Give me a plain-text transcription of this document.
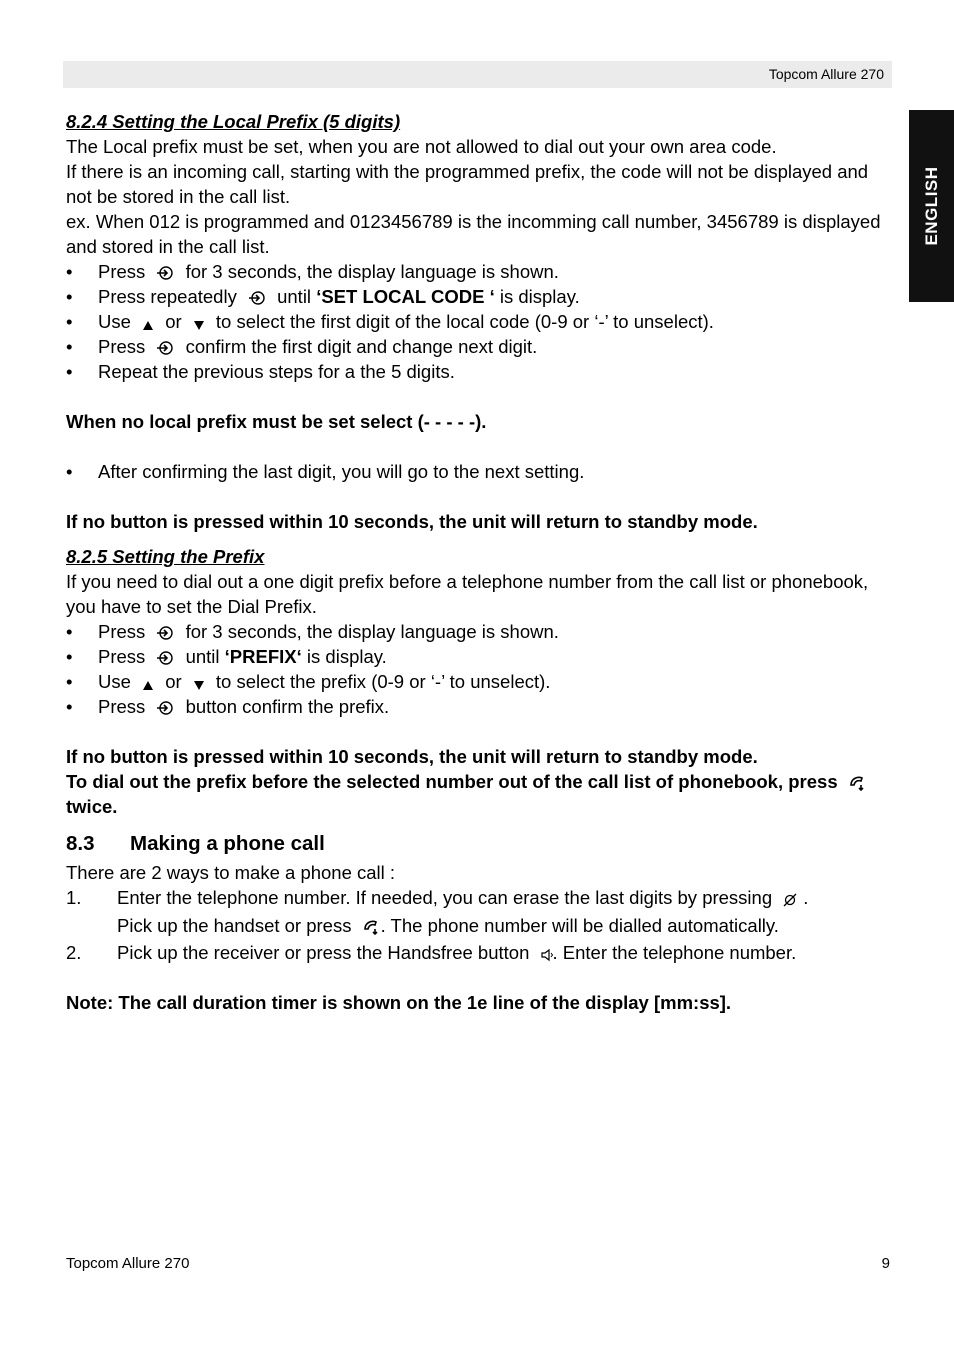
Topcom Allure 270
ENGLISH
8.2.4 Setting the Local Prefix (5 digits)

The Local prefix must be set, when you are not allowed to dial out your own area code.

If there is an incoming call, starting with the programmed prefix, the code will not be displayed and not be stored in the call list.

ex. When 012 is programmed and 0123456789 is the incomming call number, 3456789 is displayed and stored in the call list.

• Press for 3 seconds, the display language is shown.
• Press repeatedly until ‘SET LOCAL CODE ‘ is display.
• Use or to select the first digit of the local code (0-9 or ‘-’ to unselect).
• Press confirm the first digit and change next digit.
• Repeat the previous steps for a the 5 digits.

When no local prefix must be set select (- - - - -).

• After confirming the last digit, you will go to the next setting.

If no button is pressed within 10 seconds, the unit will return to standby mode.

8.2.5 Setting the Prefix

If you need to dial out a one digit prefix before a telephone number from the call list or phonebook, you have to set the Dial Prefix.

• Press for 3 seconds, the display language is shown.
• Press until ‘PREFIX‘ is display.
• Use or to select the prefix (0-9 or ‘-’ to unselect).
• Press button confirm the prefix.

If no button is pressed within 10 seconds, the unit will return to standby mode.

To dial out the prefix before the selected number out of the call list of phonebook, press  twice.

8.3 Making a phone call

There are 2 ways to make a phone call :

1. Enter the telephone number. If needed, you can erase the last digits by pressing .
Pick up the handset or press . The phone number will be dialled automatically.
2. Pick up the receiver or press the Handsfree button . Enter the telephone number.

Note: The call duration timer is shown on the 1e line of the display [mm:ss].

Topcom Allure 270	9
